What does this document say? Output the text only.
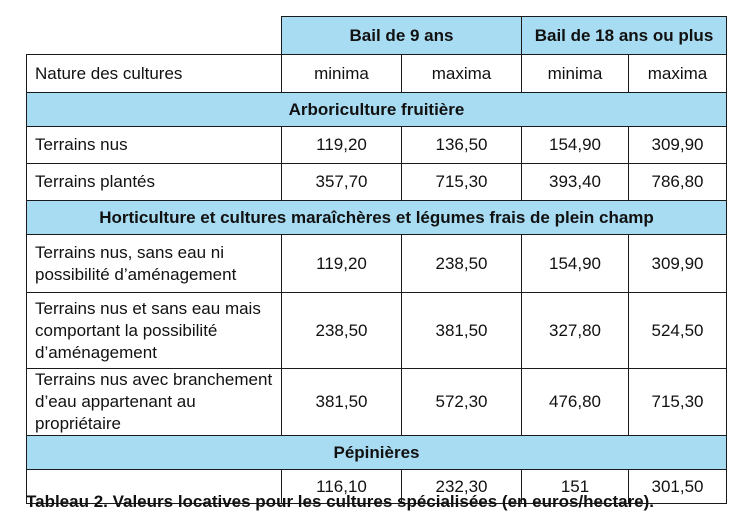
	Bail de 9 ans		Bail de 18 ans ou plus	
Nature des cultures	minima	maxima	minima	maxima
Arboriculture fruitière				
Terrains nus	119,20	136,50	154,90	309,90
Terrains plantés	357,70	715,30	393,40	786,80
Horticulture et cultures maraîchères et légumes frais de plein champ				
Terrains nus, sans eau ni possibilité d’aménagement	119,20	238,50	154,90	309,90
Terrains nus et sans eau mais comportant la possibilité d’aménagement	238,50	381,50	327,80	524,50
Terrains nus avec branchement d’eau appartenant au propriétaire	381,50	572,30	476,80	715,30
Pépinières				
	116,10	232,30	151	301,50
Tableau 2. Valeurs locatives pour les cultures spécialisées (en euros/hectare).
